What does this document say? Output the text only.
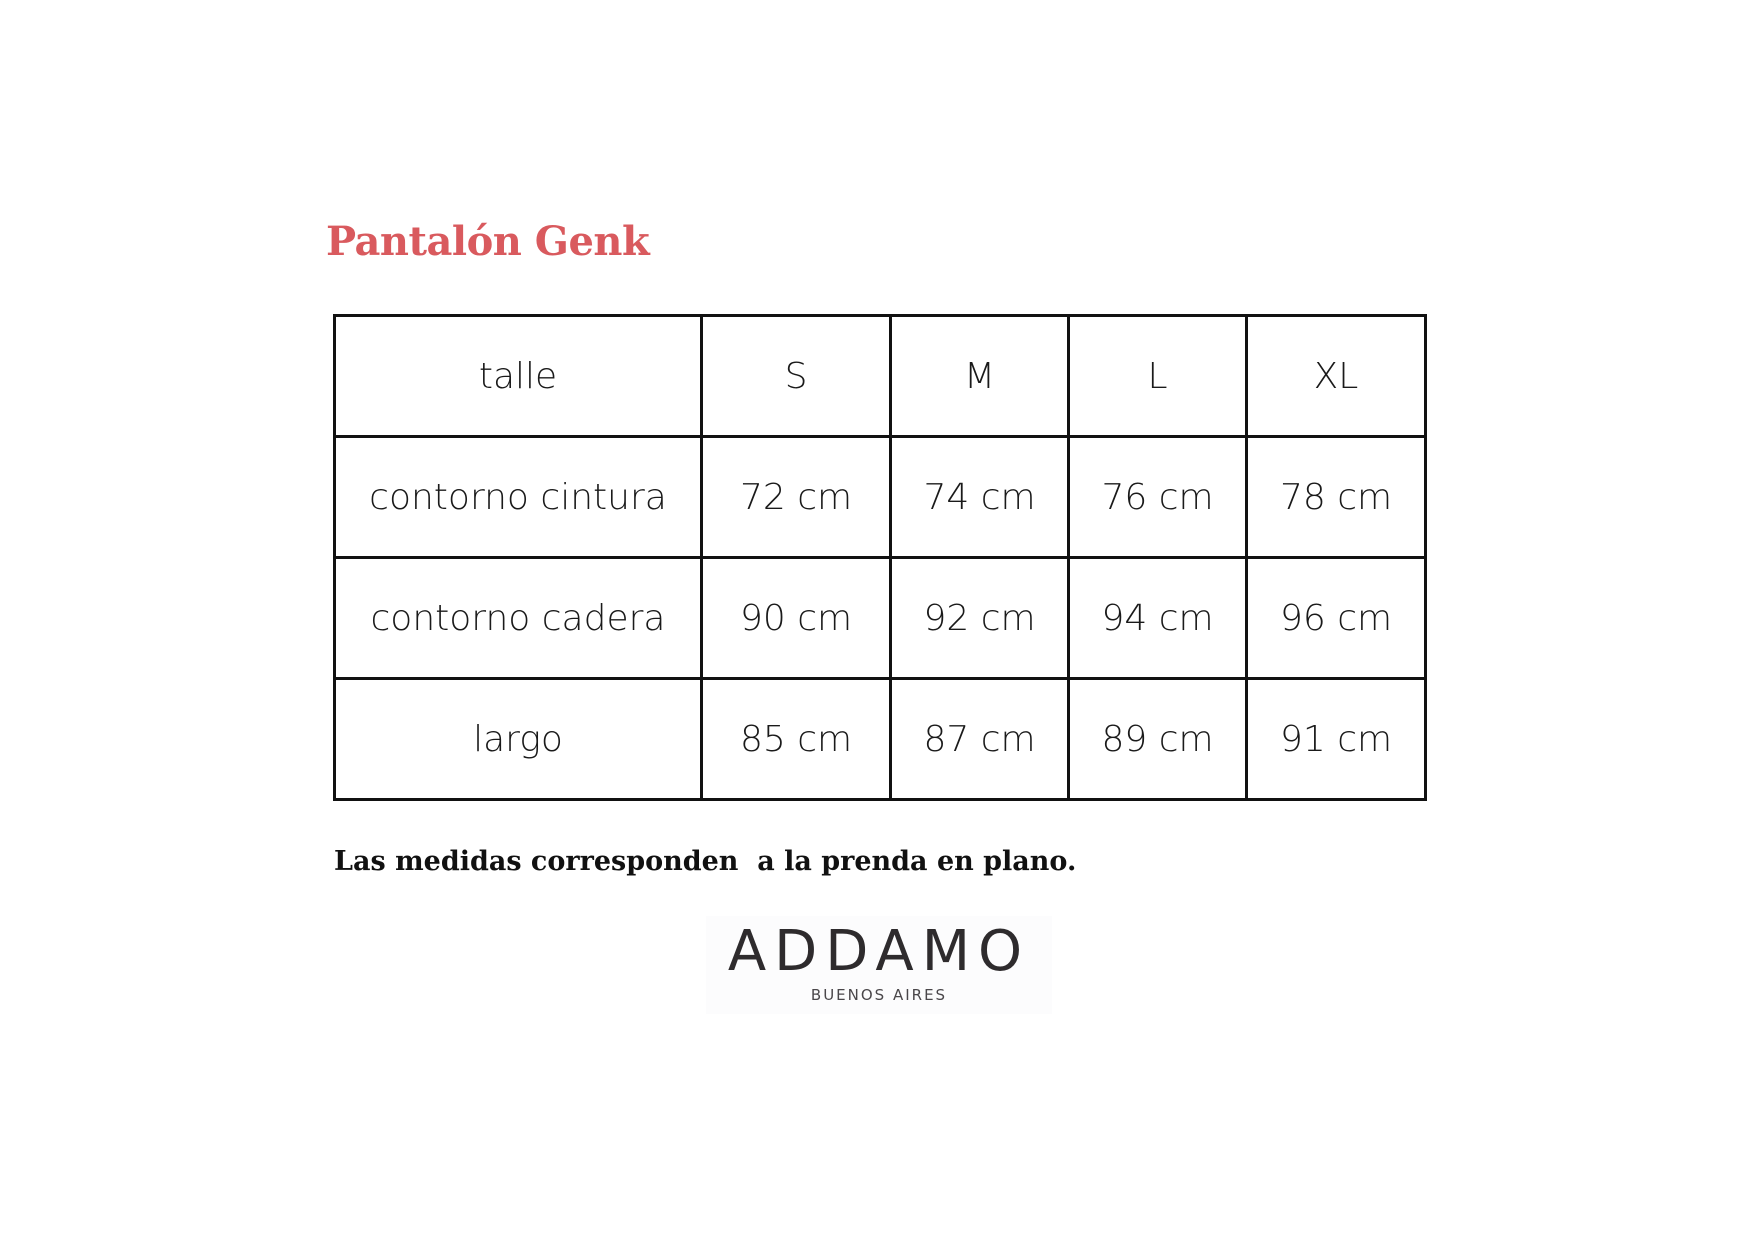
Pantalón Genk
talle	S	M	L	XL
contorno cintura	72 cm	74 cm	76 cm	78 cm
contorno cadera	90 cm	92 cm	94 cm	96 cm
largo	85 cm	87 cm	89 cm	91 cm

Las medidas corresponden  a la prenda en plano.

ADDAMO
BUENOS AIRES
